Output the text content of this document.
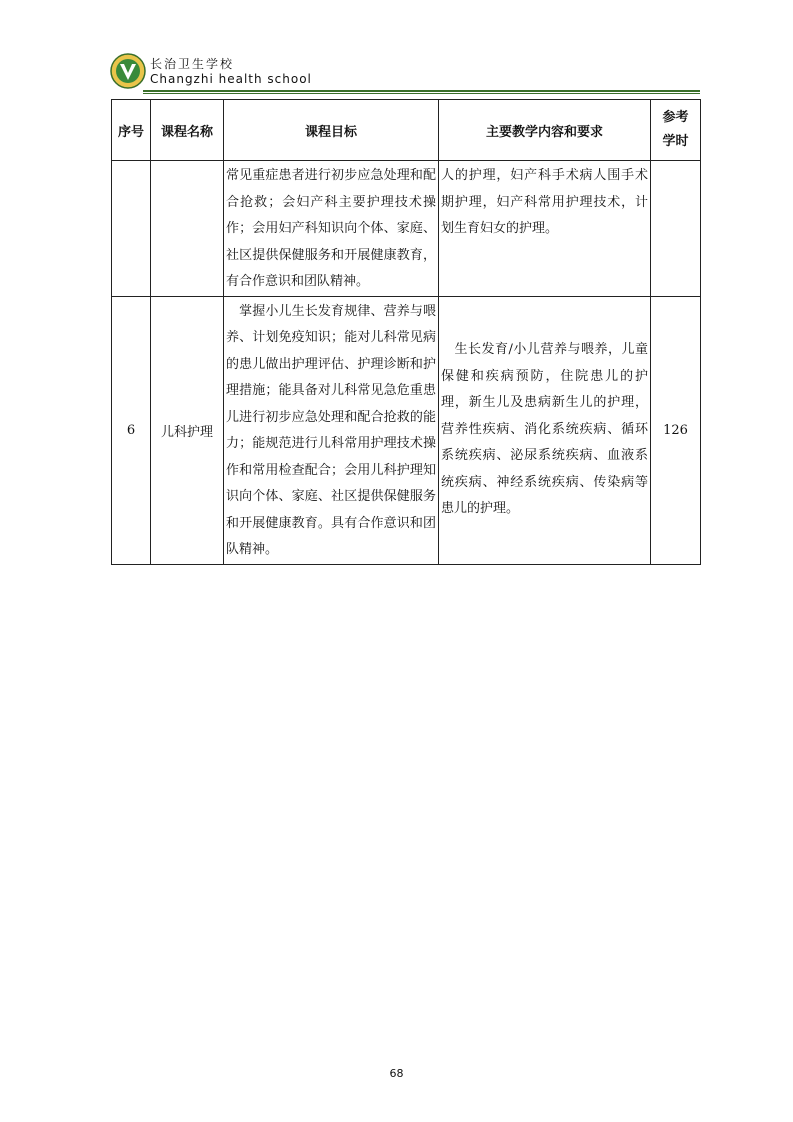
长治卫生学校
Changzhi health school
序号	课程名称	课程目标	主要教学内容和要求	参考
学时

		常见重症患者进行初步应急处理和配合抢救；会妇产科主要护理技术操作；会用妇产科知识向个体、家庭、社区提供保健服务和开展健康教育，有合作意识和团队精神。	人的护理，妇产科手术病人围手术期护理，妇产科常用护理技术，计划生育妇女的护理。	

6	儿科护理	　掌握小儿生长发育规律、营养与喂养、计划免疫知识；能对儿科常见病的患儿做出护理评估、护理诊断和护理措施；能具备对儿科常见急危重患儿进行初步应急处理和配合抢救的能力；能规范进行儿科常用护理技术操作和常用检查配合；会用儿科护理知识向个体、家庭、社区提供保健服务和开展健康教育。具有合作意识和团队精神。	　生长发育/小儿营养与喂养，儿童保健和疾病预防，住院患儿的护理，新生儿及患病新生儿的护理，营养性疾病、消化系统疾病、循环系统疾病、泌尿系统疾病、血液系统疾病、神经系统疾病、传染病等患儿的护理。	126
68
